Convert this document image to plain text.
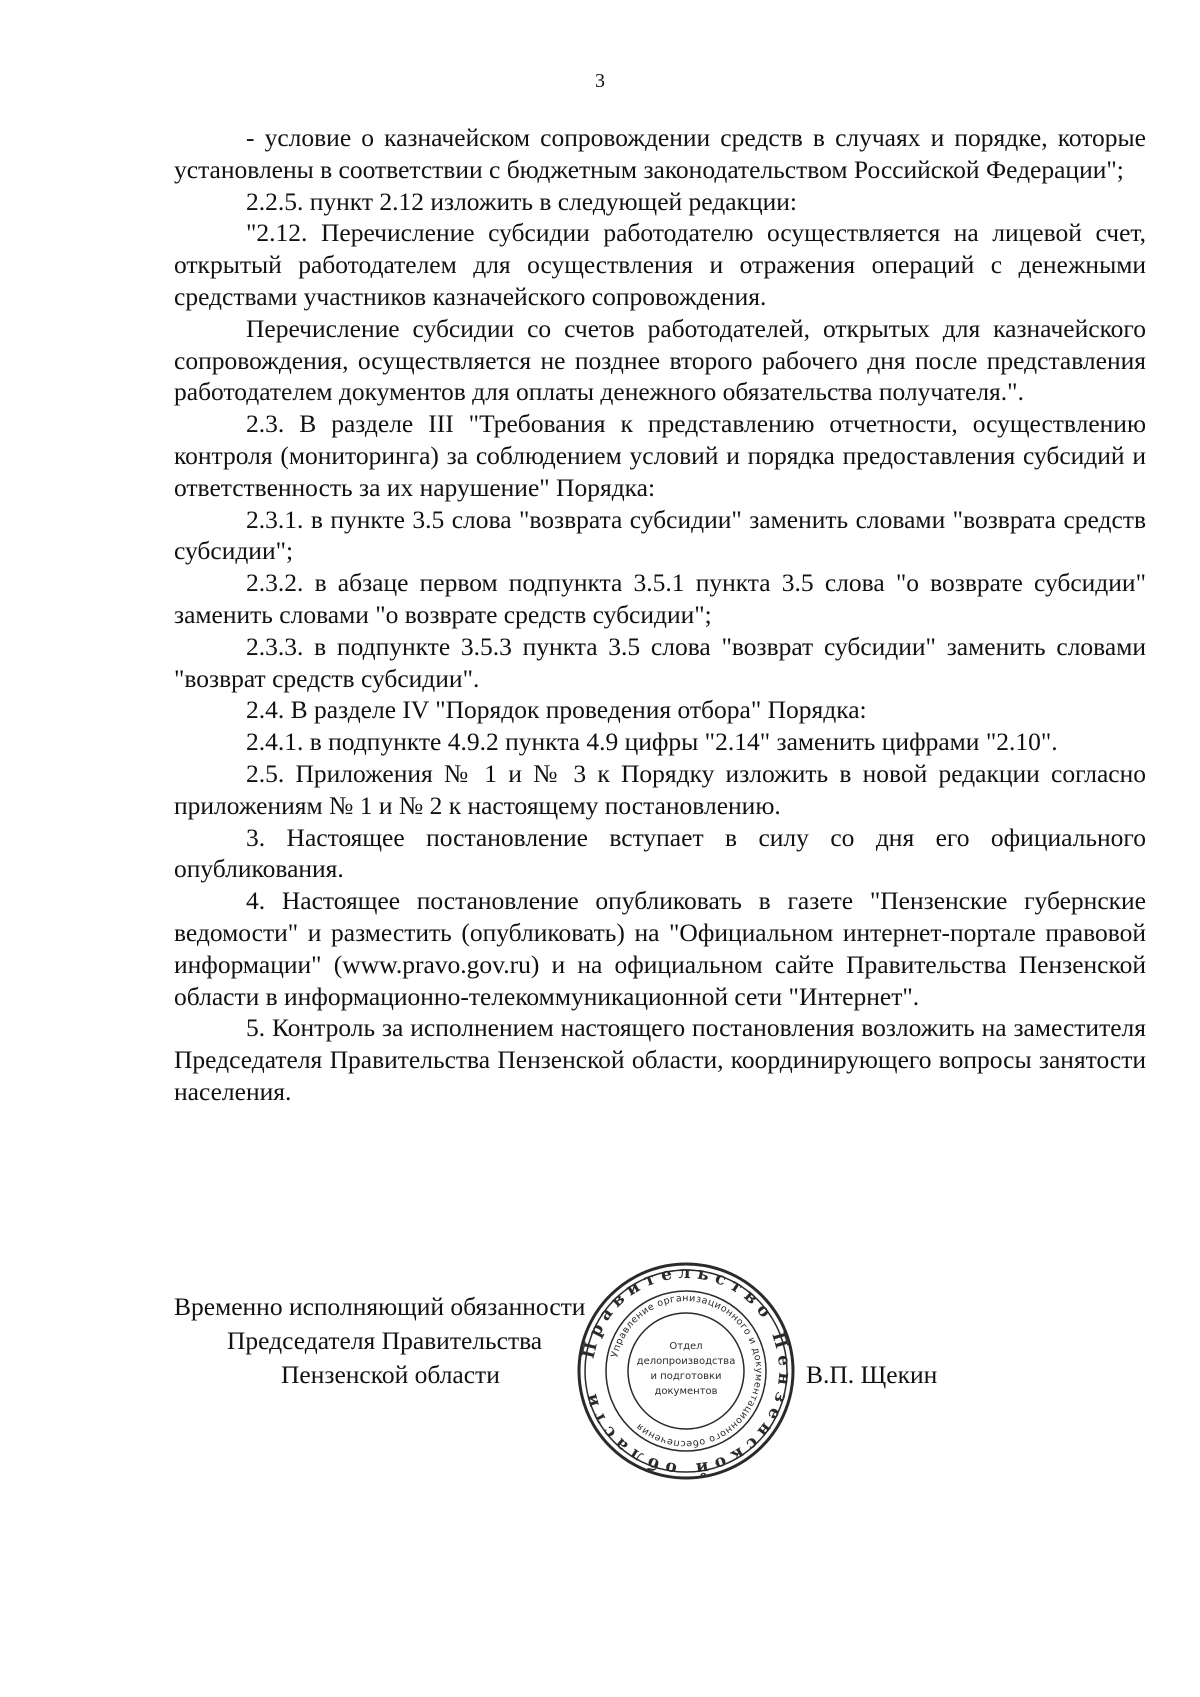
3

- условие о казначейском сопровождении средств в случаях и порядке, которые установлены в соответствии с бюджетным законодательством Российской Федерации";

2.2.5. пункт 2.12 изложить в следующей редакции:

"2.12. Перечисление субсидии работодателю осуществляется на лицевой счет, открытый работодателем для осуществления и отражения операций с денежными средствами участников казначейского сопровождения.

Перечисление субсидии со счетов работодателей, открытых для казначейского сопровождения, осуществляется не позднее второго рабочего дня после представления работодателем документов для оплаты денежного обязательства получателя.".

2.3. В разделе III "Требования к представлению отчетности, осуществлению контроля (мониторинга) за соблюдением условий и порядка предоставления субсидий и ответственность за их нарушение" Порядка:

2.3.1. в пункте 3.5 слова "возврата субсидии" заменить словами "возврата средств субсидии";

2.3.2. в абзаце первом подпункта 3.5.1 пункта 3.5 слова "о возврате субсидии" заменить словами "о возврате средств субсидии";

2.3.3. в подпункте 3.5.3 пункта 3.5 слова "возврат субсидии" заменить словами "возврат средств субсидии".

2.4. В разделе IV "Порядок проведения отбора" Порядка:

2.4.1. в подпункте 4.9.2 пункта 4.9 цифры "2.14" заменить цифрами "2.10".

2.5. Приложения № 1 и № 3 к Порядку изложить в новой редакции согласно приложениям № 1 и № 2 к настоящему постановлению.

3. Настоящее постановление вступает в силу со дня его официального опубликования.

4. Настоящее постановление опубликовать в газете "Пензенские губернские ведомости" и разместить (опубликовать) на "Официальном интернет-портале правовой информации" (www.pravo.gov.ru) и на официальном сайте Правительства Пензенской области в информационно-телекоммуникационной сети "Интернет".

5. Контроль за исполнением настоящего постановления возложить на заместителя Председателя Правительства Пензенской области, координирующего вопросы занятости населения.

Временно исполняющий обязанности
Председателя Правительства
Пензенской области	В.П. Щекин
Правительство Пензенской области
Управление организационного и документационного обеспечения
Отдел
делопроизводства
и подготовки
документов
